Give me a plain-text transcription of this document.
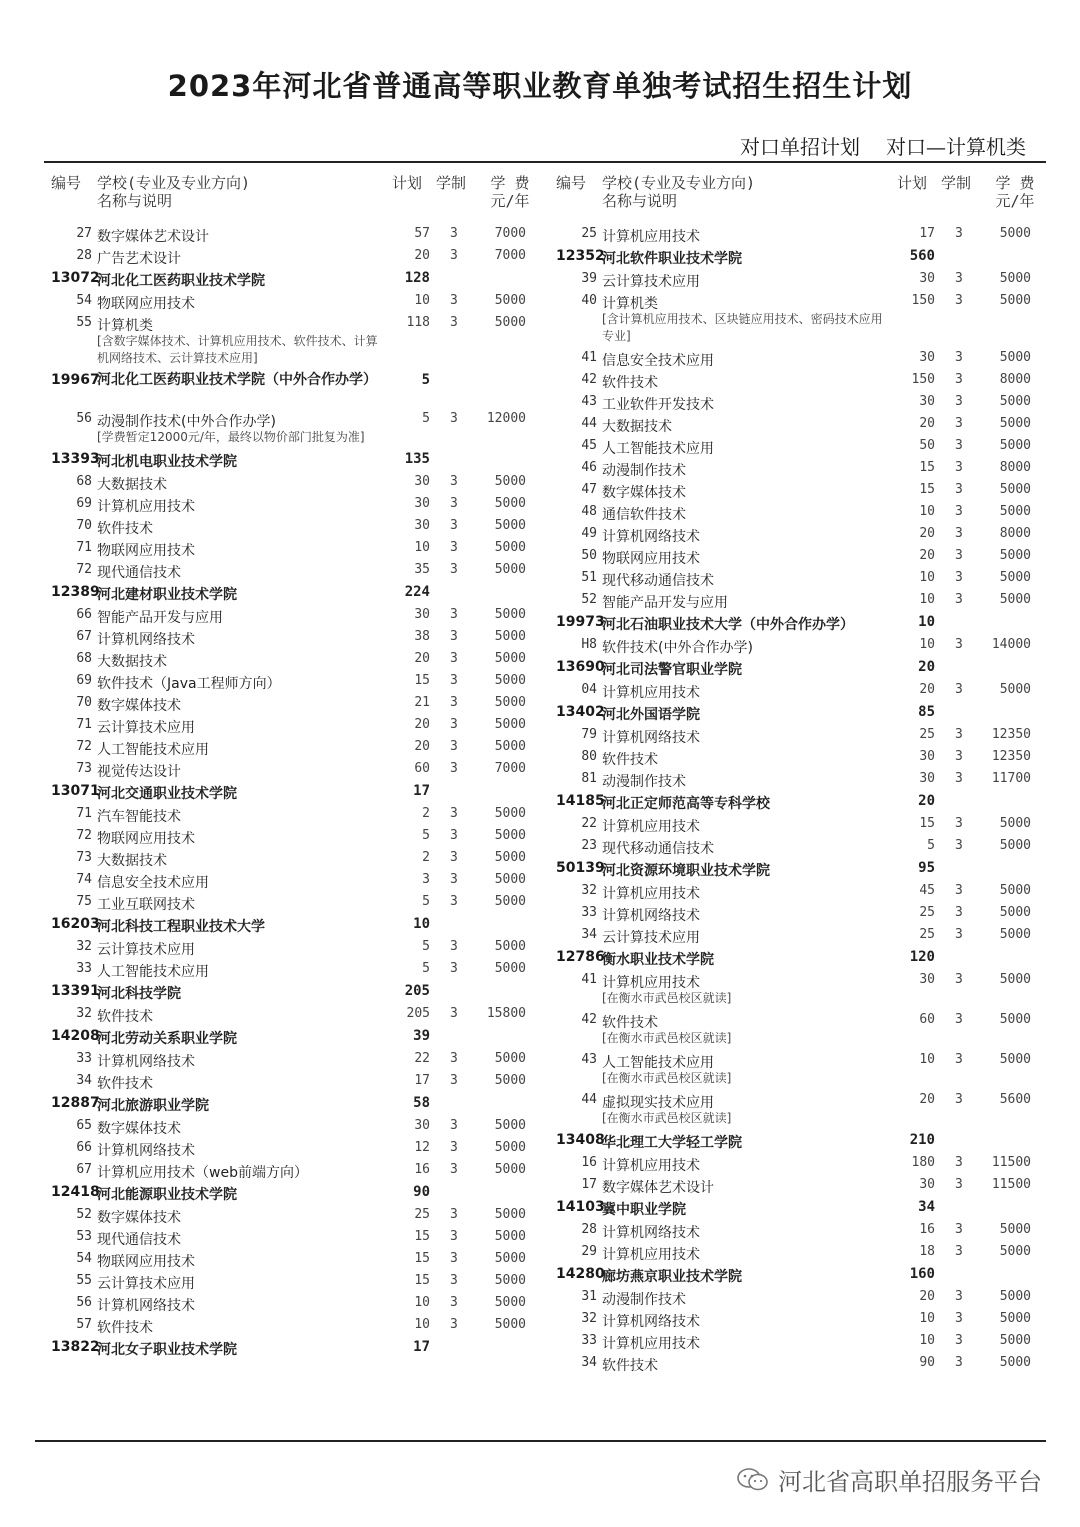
2023年河北省普通高等职业教育单独考试招生招生计划
对口单招计划 对口—计算机类
编号 学校(专业及专业方向)
名称与说明
计划 学制 学 费
元/年
27 数字媒体艺术设计	57 3	7000
28 广告艺术设计	20 3	7000
13072
河北化工医药职业技术学院	128
54 物联网应用技术	10 3	5000
55 计算机类	118 3	5000
[含数字媒体技术、计算机应用技术、软件技术、计算机网络技术、云计算技术应用]
19967
河北化工医药职业技术学院（中外合作办学）	5
56 动漫制作技术(中外合作办学)	5 3 12000
[学费暂定12000元/年，最终以物价部门批复为准]
13393
河北机电职业技术学院	135
68 大数据技术	30 3	5000
69 计算机应用技术	30 3	5000
70 软件技术	30 3	5000
71 物联网应用技术	10 3	5000
72 现代通信技术	35 3	5000
12389
河北建材职业技术学院	224
66 智能产品开发与应用	30 3	5000
67 计算机网络技术	38 3	5000
68 大数据技术	20 3	5000
69 软件技术（Java工程师方向）	15 3	5000
70 数字媒体技术	21 3	5000
71 云计算技术应用	20 3	5000
72 人工智能技术应用	20 3	5000
73 视觉传达设计	60 3	7000
13071
河北交通职业技术学院	17
71 汽车智能技术	2 3	5000
72 物联网应用技术	5 3	5000
73 大数据技术	2 3	5000
74 信息安全技术应用	3 3	5000
75 工业互联网技术	5 3	5000
16203
河北科技工程职业技术大学	10
32 云计算技术应用	5 3	5000
33 人工智能技术应用	5 3	5000
13391
河北科技学院	205
32 软件技术	205 3 15800
14208
河北劳动关系职业学院	39
33 计算机网络技术	22 3	5000
34 软件技术	17 3	5000
12887
河北旅游职业学院	58
65 数字媒体技术	30 3	5000
66 计算机网络技术	12 3	5000
67 计算机应用技术（web前端方向）	16 3	5000
12418
河北能源职业技术学院	90
52 数字媒体技术	25 3	5000
53 现代通信技术	15 3	5000
54 物联网应用技术	15 3	5000
55 云计算技术应用	15 3	5000
56 计算机网络技术	10 3	5000
57 软件技术	10 3	5000
13822
河北女子职业技术学院	17
编号 学校(专业及专业方向)
名称与说明
计划 学制 学 费
元/年
25 计算机应用技术	17 3	5000
12352
河北软件职业技术学院	560
39 云计算技术应用	30 3	5000
40 计算机类	150 3	5000
[含计算机应用技术、区块链应用技术、密码技术应用专业]
41 信息安全技术应用	30 3	5000
42 软件技术	150 3	8000
43 工业软件开发技术	30 3	5000
44 大数据技术	20 3	5000
45 人工智能技术应用	50 3	5000
46 动漫制作技术	15 3	8000
47 数字媒体技术	15 3	5000
48 通信软件技术	10 3	5000
49 计算机网络技术	20 3	8000
50 物联网应用技术	20 3	5000
51 现代移动通信技术	10 3	5000
52 智能产品开发与应用	10 3	5000
19973
河北石油职业技术大学（中外合作办学）	10
H8 软件技术(中外合作办学)	10 3 14000
13690
河北司法警官职业学院	20
04 计算机应用技术	20 3	5000
13402
河北外国语学院	85
79 计算机网络技术	25 3 12350
80 软件技术	30 3 12350
81 动漫制作技术	30 3 11700
14185
河北正定师范高等专科学校	20
22 计算机应用技术	15 3	5000
23 现代移动通信技术	5 3	5000
50139
河北资源环境职业技术学院	95
32 计算机应用技术	45 3	5000
33 计算机网络技术	25 3	5000
34 云计算技术应用	25 3	5000
12786
衡水职业技术学院	120
41 计算机应用技术	30 3	5000
[在衡水市武邑校区就读]
42 软件技术	60 3	5000
[在衡水市武邑校区就读]
43 人工智能技术应用	10 3	5000
[在衡水市武邑校区就读]
44 虚拟现实技术应用	20 3	5600
[在衡水市武邑校区就读]
13408
华北理工大学轻工学院	210
16 计算机应用技术	180 3 11500
17 数字媒体艺术设计	30 3 11500
14103
冀中职业学院	34
28 计算机网络技术	16 3	5000
29 计算机应用技术	18 3	5000
14280
廊坊燕京职业技术学院	160
31 动漫制作技术	20 3	5000
32 计算机网络技术	10 3	5000
33 计算机应用技术	10 3	5000
34 软件技术	90 3	5000
河北省高职单招服务平台
